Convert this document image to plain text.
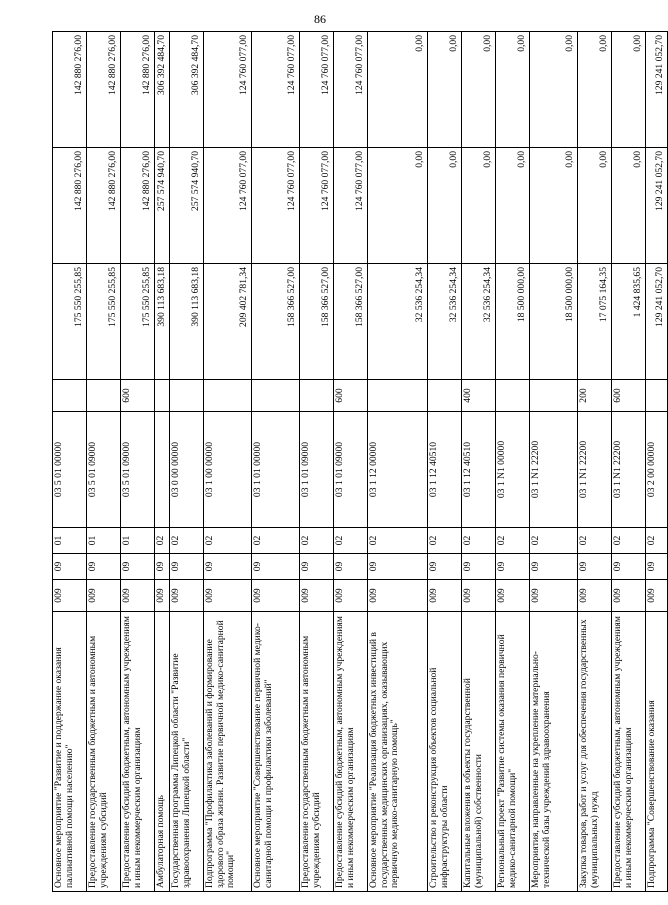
86
Основное мероприятие "Развитие и поддержание оказания паллиативной помощи населению"	009	09	01	03 5 01 00000		175 550 255,85	142 880 276,00	142 880 276,00
Предоставление государственным бюджетным и автономным учреждениям субсидий	009	09	01	03 5 01 09000		175 550 255,85	142 880 276,00	142 880 276,00
Предоставление субсидий бюджетным, автономным учреждениям и иным некоммерческим организациям	009	09	01	03 5 01 09000	600	175 550 255,85	142 880 276,00	142 880 276,00
Амбулаторная помощь	009	09	02			390 113 683,18	257 574 940,70	306 392 484,70
Государственная программа Липецкой области "Развитие здравоохранения Липецкой области"	009	09	02	03 0 00 00000		390 113 683,18	257 574 940,70	306 392 484,70
Подпрограмма "Профилактика заболеваний и формирование здорового образа жизни. Развитие первичной медико-санитарной помощи"	009	09	02	03 1 00 00000		209 402 781,34	124 760 077,00	124 760 077,00
Основное мероприятие "Совершенствование первичной медико-санитарной помощи и профилактики заболеваний"	009	09	02	03 1 01 00000		158 366 527,00	124 760 077,00	124 760 077,00
Предоставление государственным бюджетным и автономным учреждениям субсидий	009	09	02	03 1 01 09000		158 366 527,00	124 760 077,00	124 760 077,00
Предоставление субсидий бюджетным, автономным учреждениям и иным некоммерческим организациям	009	09	02	03 1 01 09000	600	158 366 527,00	124 760 077,00	124 760 077,00
Основное мероприятие "Реализация бюджетных инвестиций в государственных медицинских организациях, оказывающих первичную медико-санитарную помощь"	009	09	02	03 1 12 00000		32 536 254,34	0,00	0,00
Строительство и реконструкция объектов социальной инфраструктуры области	009	09	02	03 1 12 40510		32 536 254,34	0,00	0,00
Капитальные вложения в объекты государственной (муниципальной) собственности	009	09	02	03 1 12 40510	400	32 536 254,34	0,00	0,00
Региональный проект "Развитие системы оказания первичной медико-санитарной помощи"	009	09	02	03 1 N1 00000		18 500 000,00	0,00	0,00
Мероприятия, направленные на укрепление материально-технической базы учреждений здравоохранения	009	09	02	03 1 N1 22200		18 500 000,00	0,00	0,00
Закупка товаров, работ и услуг для обеспечения государственных (муниципальных) нужд	009	09	02	03 1 N1 22200	200	17 075 164,35	0,00	0,00
Предоставление субсидий бюджетным, автономным учреждениям и иным некоммерческим организациям	009	09	02	03 1 N1 22200	600	1 424 835,65	0,00	0,00
Подпрограмма "Совершенствование оказания	009	09	02	03 2 00 00000		129 241 052,70	129 241 052,70	129 241 052,70
